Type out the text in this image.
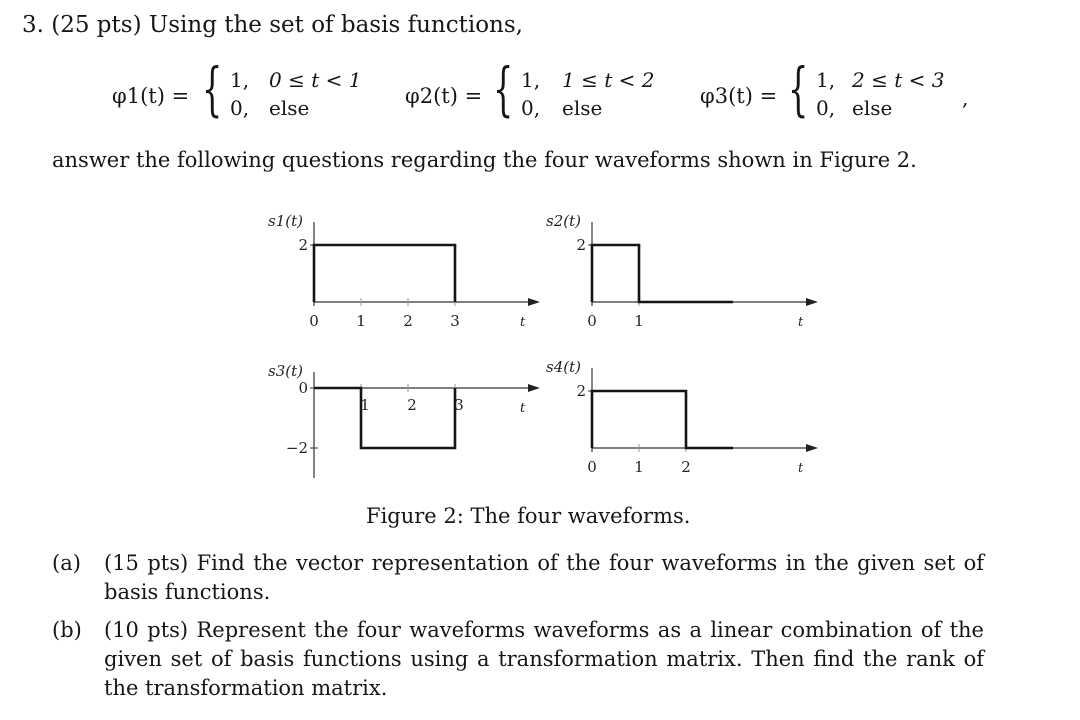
3. (25 pts) Using the set of basis functions,
φ1(t) = { 1, 0 ≤ t < 1
0, else	φ2(t) = { 1, 1 ≤ t < 2
0, else	φ3(t) = { 1, 2 ≤ t < 3
0, else	,
answer the following questions regarding the four waveforms shown in Figure 2.
t
s1(t)
2
0 1 2 3	t
s2(t)
2
0 1
t
s3(t)
0
−2
1 2 3
t
s4(t)
2
0 1 2
Figure 2: The four waveforms.
(a) (15 pts) Find the vector representation of the four waveforms in the given set of basis functions.
(b) (10 pts) Represent the four waveforms waveforms as a linear combination of the given set of basis functions using a transformation matrix. Then find the rank of the transformation matrix.
